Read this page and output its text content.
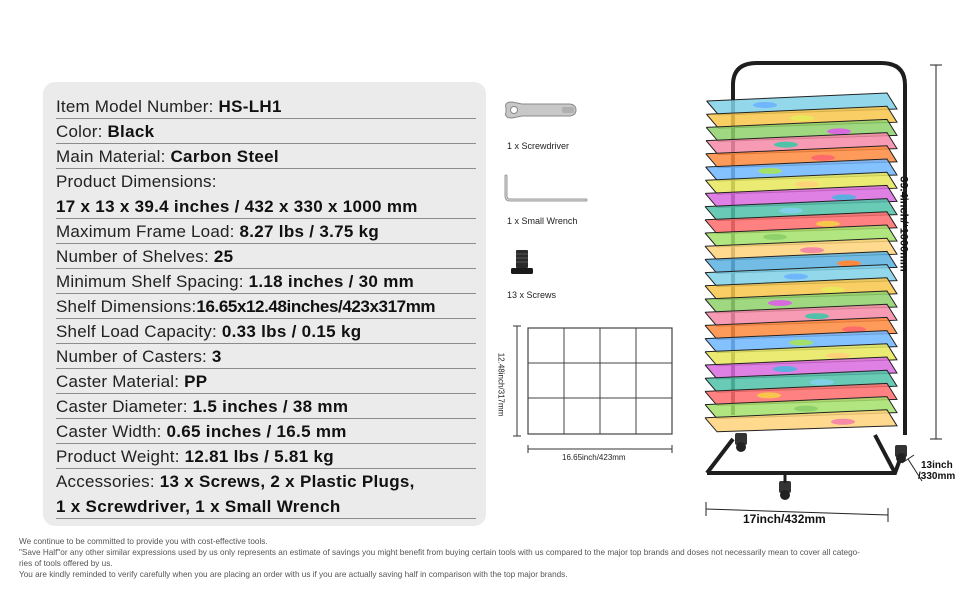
Item Model Number: HS-LH1
Color: Black
Main Material: Carbon Steel
Product Dimensions:
17 x 13 x 39.4 inches / 432 x 330 x 1000 mm
Maximum Frame Load: 8.27 lbs / 3.75 kg
Number of Shelves: 25
Minimum Shelf Spacing: 1.18 inches / 30 mm
Shelf Dimensions:16.65x12.48inches/423x317mm
Shelf Load Capacity: 0.33 lbs / 0.15 kg
Number of Casters: 3
Caster Material: PP
Caster Diameter: 1.5 inches / 38 mm
Caster Width: 0.65 inches / 16.5 mm
Product Weight: 12.81 lbs / 5.81 kg
Accessories: 13 x Screws, 2 x Plastic Plugs,
1 x Screwdriver, 1 x Small Wrench
1 x Screwdriver
1 x Small Wrench
13 x Screws
16.65inch/423mm
12.48inch/317mm
39.4inch/*1000mm
13inch
/330mm
17inch/432mm
We continue to be committed to provide you with cost-effective tools.
"Save Half"or any other similar expressions used by us only represents an estimate of savings you might benefit from buying certain tools with us compared to the major top brands and doses not necessarily mean to cover all catego-
ries of tools offered by us.
You are kindly reminded to verify carefully when you are placing an order with us if you are actually saving half in comparison with the top major brands.
